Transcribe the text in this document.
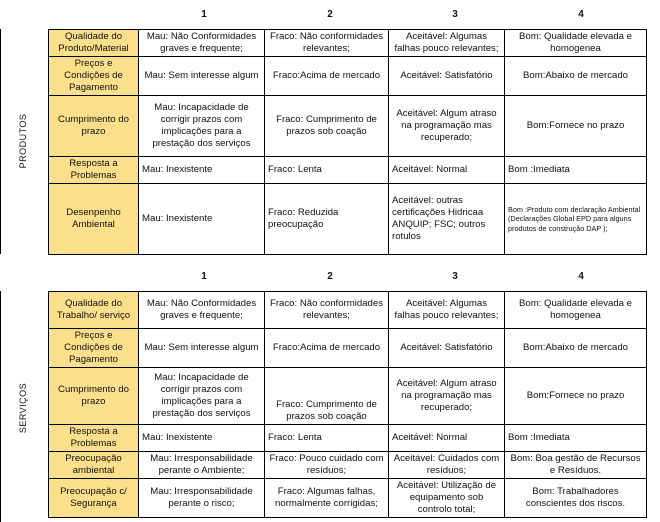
1	2	3	4
PRODUTOS
Qualidade do Produto/Material	Mau: Não Conformidades graves e frequente;	Fraco: Não conformidades relevantes;	Aceitável: Algumas falhas pouco relevantes;	Bom: Qualidade elevada e homogenea
Preços e Condições de Pagamento	Mau: Sem interesse algum	Fraco:Acima de mercado	Aceitável: Satisfatório	Bom:Abaixo de mercado
Cumprimento do prazo	Mau: Incapacidade de corrigir prazos com implicações para a prestação dos serviços	Fraco: Cumprimento de prazos sob coação	Aceitável: Algum atraso na programação mas recuperado;	Bom:Fornece no prazo
Resposta a Problemas	Mau: Inexistente	Fraco: Lenta	Aceitável: Normal	Bom :Imediata
Desenpenho Ambiental	Mau: Inexistente	Fraco: Reduzida preocupação	Aceitável: outras certificações Hidricaa ANQUIP; FSC; outros rotulos	Bom :Produto com declaração Ambiental (Declarações Global EPD para alguns produtos de construção DAP );
1	2	3	4
SERVIÇOS
Qualidade do Trabalho/ serviço	Mau: Não Conformidades graves e frequente;	Fraco: Não conformidades relevantes;	Aceitável: Algumas falhas pouco relevantes;	Bom: Qualidade elevada e homogenea
Preços e Condições de Pagamento	Mau: Sem interesse algum	Fraco:Acima de mercado	Aceitável: Satisfatório	Bom:Abaixo de mercado
Cumprimento do prazo	Mau: Incapacidade de corrigir prazos com implicações para a prestação dos serviços	Fraco: Cumprimento de prazos sob coação	Aceitável: Algum atraso na programação mas recuperado;	Bom:Fornece no prazo
Resposta a Problemas	Mau: Inexistente	Fraco: Lenta	Aceitável: Normal	Bom :Imediata
Preocupação ambiental	Mau: Irresponsabilidade perante o Ambiente;	Fraco: Pouco cuidado com resíduos;	Aceitável: Cuidados com resíduos;	Bom: Boa gestão de Recursos e Resíduos.
Preocupação c/ Segurança	Mau: Irresponsabilidade perante o risco;	Fraco: Algumas falhas, normalmente corrigidas;	Aceitável: Utilização de equipamento sob controlo total;	Bom: Trabalhadores conscientes dos riscos.
